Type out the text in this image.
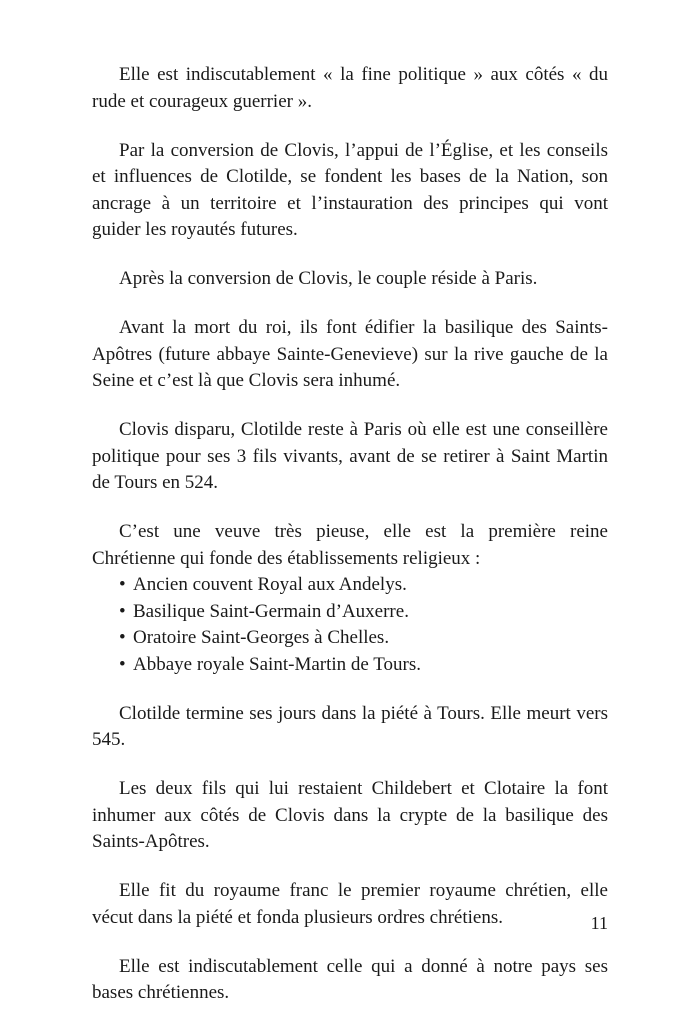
Elle est indiscutablement « la fine politique » aux côtés « du rude et courageux guerrier ».

Par la conversion de Clovis, l’appui de l’Église, et les conseils et influences de Clotilde, se fondent les bases de la Nation, son ancrage à un territoire et l’instauration des principes qui vont guider les royautés futures.

Après la conversion de Clovis, le couple réside à Paris.

Avant la mort du roi, ils font édifier la basilique des Saints-Apôtres (future abbaye Sainte-Genevieve) sur la rive gauche de la Seine et c’est là que Clovis sera inhumé.

Clovis disparu, Clotilde reste à Paris où elle est une conseillère politique pour ses 3 fils vivants, avant de se retirer à Saint Martin de Tours en 524.

C’est une veuve très pieuse, elle est la première reine Chrétienne qui fonde des établissements religieux :

• Ancien couvent Royal aux Andelys.
• Basilique Saint-Germain d’Auxerre.
• Oratoire Saint-Georges à Chelles.
• Abbaye royale Saint-Martin de Tours.

Clotilde termine ses jours dans la piété à Tours. Elle meurt vers 545.

Les deux fils qui lui restaient Childebert et Clotaire la font inhumer aux côtés de Clovis dans la crypte de la basilique des Saints-Apôtres.

Elle fit du royaume franc le premier royaume chrétien, elle vécut dans la piété et fonda plusieurs ordres chrétiens.

Elle est indiscutablement celle qui a donné à notre pays ses bases chrétiennes.

11
